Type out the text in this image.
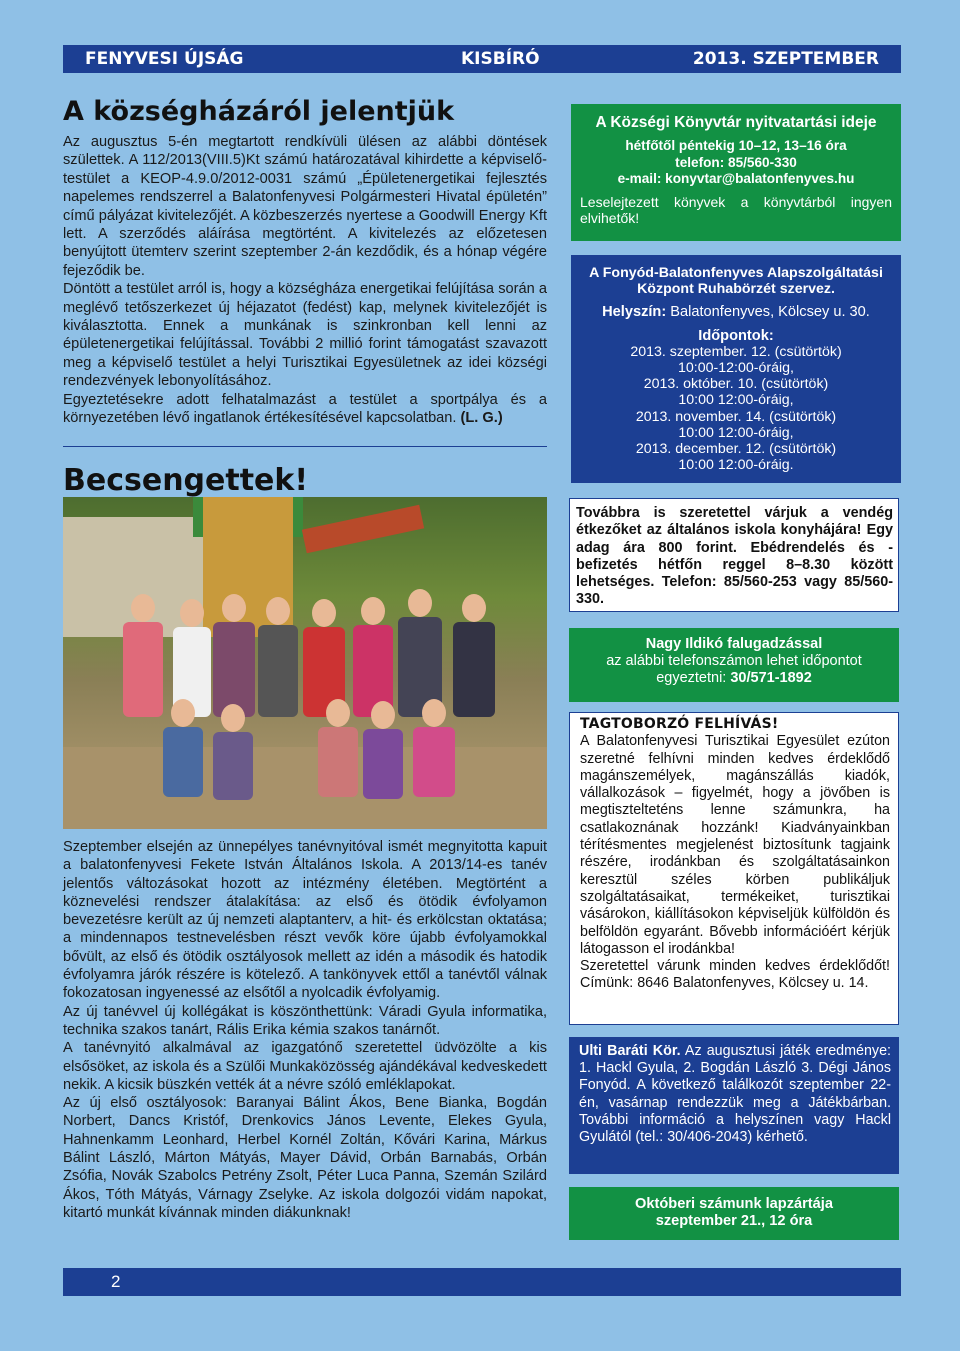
FENYVESI ÚJSÁG	KISBÍRÓ	2013. SZEPTEMBER
A községházáról jelentjük

Az augusztus 5-én megtartott rendkívüli ülésen az alábbi döntések születtek. A 112/2013(VIII.5)Kt számú határozatával kihirdette a képviselő-testület a KEOP-4.9.0/2012-0031 számú „Épületenergetikai fejlesztés napelemes rendszerrel a Balatonfenyvesi Polgármesteri Hivatal épületén” című pályázat kivitelezőjét. A közbeszerzés nyertese a Goodwill Energy Kft lett. A szerződés aláírása megtörtént. A kivitelezés az előzetesen benyújtott ütemterv szerint szeptember 2-án kezdődik, és a hónap végére fejeződik be.

Döntött a testület arról is, hogy a községháza energetikai felújítása során a meglévő tetőszerkezet új héjazatot (fedést) kap, melynek kivitelezőjét is kiválasztotta. Ennek a munkának is szinkronban kell lenni az épületenergetikai felújítással. További 2 millió forint támogatást szavazott meg a képviselő testület a helyi Turisztikai Egyesületnek az idei községi rendezvények lebonyolításához.

Egyeztetésekre adott felhatalmazást a testület a sportpálya és a környezetében lévő ingatlanok értékesítésével kapcsolatban. (L. G.)

Becsengettek!

Szeptember elsején az ünnepélyes tanévnyitóval ismét megnyitotta kapuit a balatonfenyvesi Fekete István Általános Iskola. A 2013/14-es tanév jelentős változásokat hozott az intézmény életében. Megtörtént a köznevelési rendszer átalakítása: az első és ötödik évfolyamon bevezetésre került az új nemzeti alaptanterv, a hit- és erkölcstan oktatása; a mindennapos testnevelésben részt vevők köre újabb évfolyamokkal bővült, az első és ötödik osztályosok mellett az idén a második és hatodik évfolyamra járók részére is kötelező. A tankönyvek ettől a tanévtől válnak fokozatosan ingyenessé az elsőtől a nyolcadik évfolyamig.

Az új tanévvel új kollégákat is köszönthettünk: Váradi Gyula informatika, technika szakos tanárt, Rális Erika kémia szakos tanárnőt.

A tanévnyitó alkalmával az igazgatónő szeretettel üdvözölte a kis elsősöket, az iskola és a Szülői Munkaközösség ajándékával kedveskedett nekik. A kicsik büszkén vették át a névre szóló emléklapokat.

Az új első osztályosok: Baranyai Bálint Ákos, Bene Bianka, Bogdán Norbert, Dancs Kristóf, Drenkovics János Levente, Elekes Gyula, Hahnenkamm Leonhard, Herbel Kornél Zoltán, Kővári Karina, Márkus Bálint László, Márton Mátyás, Mayer Dávid, Orbán Barnabás, Orbán Zsófia, Novák Szabolcs Petrény Zsolt, Péter Luca Panna, Szemán Szilárd Ákos, Tóth Mátyás, Várnagy Zselyke. Az iskola dolgozói vidám napokat, kitartó munkát kívánnak minden diákunknak!

A Községi Könyvtár nyitvatartási ideje
hétfőtől péntekig 10–12, 13–16 óra
telefon: 85/560-330
e-mail: konyvtar@balatonfenyves.hu
Leselejtezett könyvek a könyvtárból ingyen elvihetők!
A Fonyód-Balatonfenyves Alapszolgáltatási
Központ Ruhabörzét szervez.
Helyszín: Balatonfenyves, Kölcsey u. 30.
Időpontok:
2013. szeptember. 12. (csütörtök)
10:00-12:00-óráig,
2013. október. 10. (csütörtök)
10:00 12:00-óráig,
2013. november. 14. (csütörtök)
10:00 12:00-óráig,
2013. december. 12. (csütörtök)
10:00 12:00-óráig.
Továbbra is szeretettel várjuk a vendég étkezőket az általános iskola konyhájára! Egy adag ára 800 forint. Ebédrendelés és -befizetés hétfőn reggel 8–8.30 között lehetséges. Telefon: 85/560-253 vagy 85/560-330.
Nagy Ildikó falugadzással
az alábbi telefonszámon lehet időpontot
egyeztetni: 30/571-1892
TAGTOBORZÓ FELHÍVÁS!
A Balatonfenyvesi Turisztikai Egyesület ezúton szeretné felhívni minden kedves érdeklődő magánszemélyek, magánszállás kiadók, vállalkozások – figyelmét, hogy a jövőben is megtisztelteténs lenne számunkra, ha csatlakoznának hozzánk! Kiadványainkban térítésmentes megjelenést biztosítunk tagjaink részére, irodánkban és szolgáltatásainkon keresztül széles körben publikáljuk szolgáltatásaikat, termékeiket, turisztikai vásárokon, kiállításokon képviseljük külföldön és belföldön egyaránt. Bővebb információért kérjük látogasson el irodánkba!
Szeretettel várunk minden kedves érdeklődőt! Címünk: 8646 Balatonfenyves, Kölcsey u. 14.
Ulti Baráti Kör. Az augusztusi játék eredménye: 1. Hackl Gyula, 2. Bogdán László 3. Dégi János Fonyód. A következő találkozót szeptember 22-én, vasárnap rendezzük meg a Játékbárban. További információ a helyszínen vagy Hackl Gyulától (tel.: 30/406-2043) kérhető.
Októberi számunk lapzártája
szeptember 21., 12 óra
2
